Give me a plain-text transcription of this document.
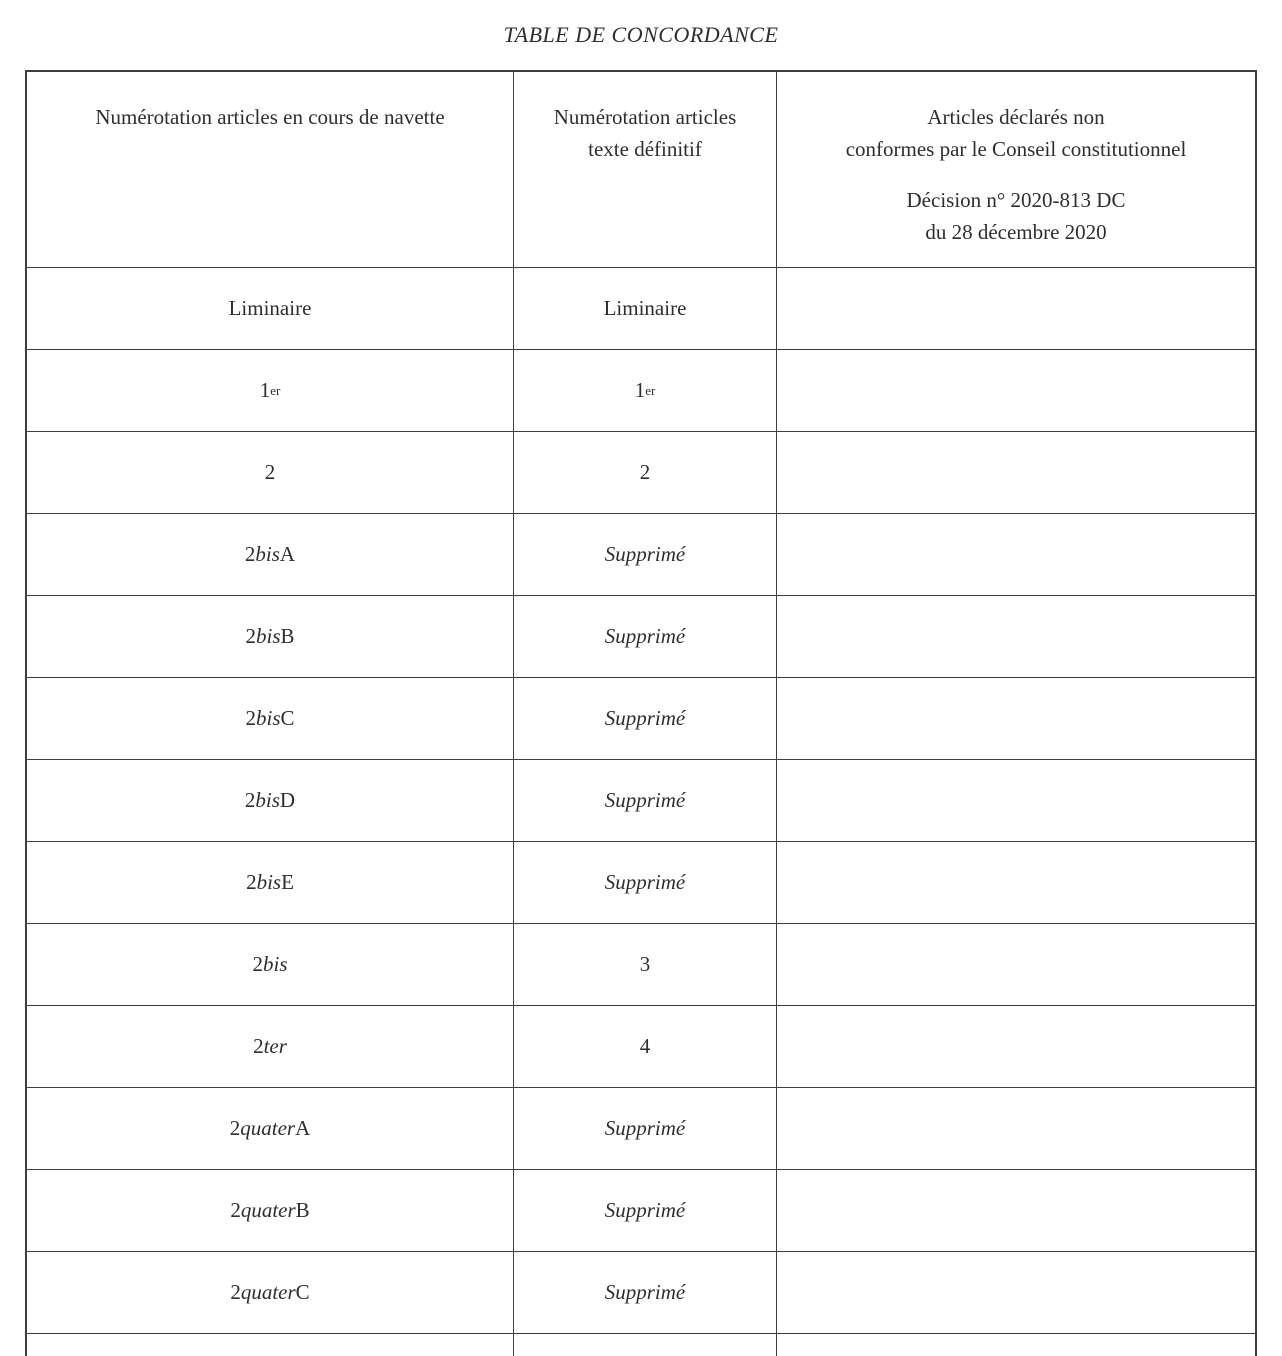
TABLE DE CONCORDANCE
Numérotation articles en cours de navette	Numérotation articles
texte définitif
Articles déclarés non
conformes par le Conseil constitutionnel
Décision n° 2020-813 DC
du 28 décembre 2020
Liminaire	Liminaire
1 er	1 er
2	2
2 bis A	Supprimé
2 bis B	Supprimé
2 bis C	Supprimé
2 bis D	Supprimé
2 bis E	Supprimé
2 bis	3
2 ter	4
2 quater A	Supprimé
2 quater B	Supprimé
2 quater C	Supprimé
